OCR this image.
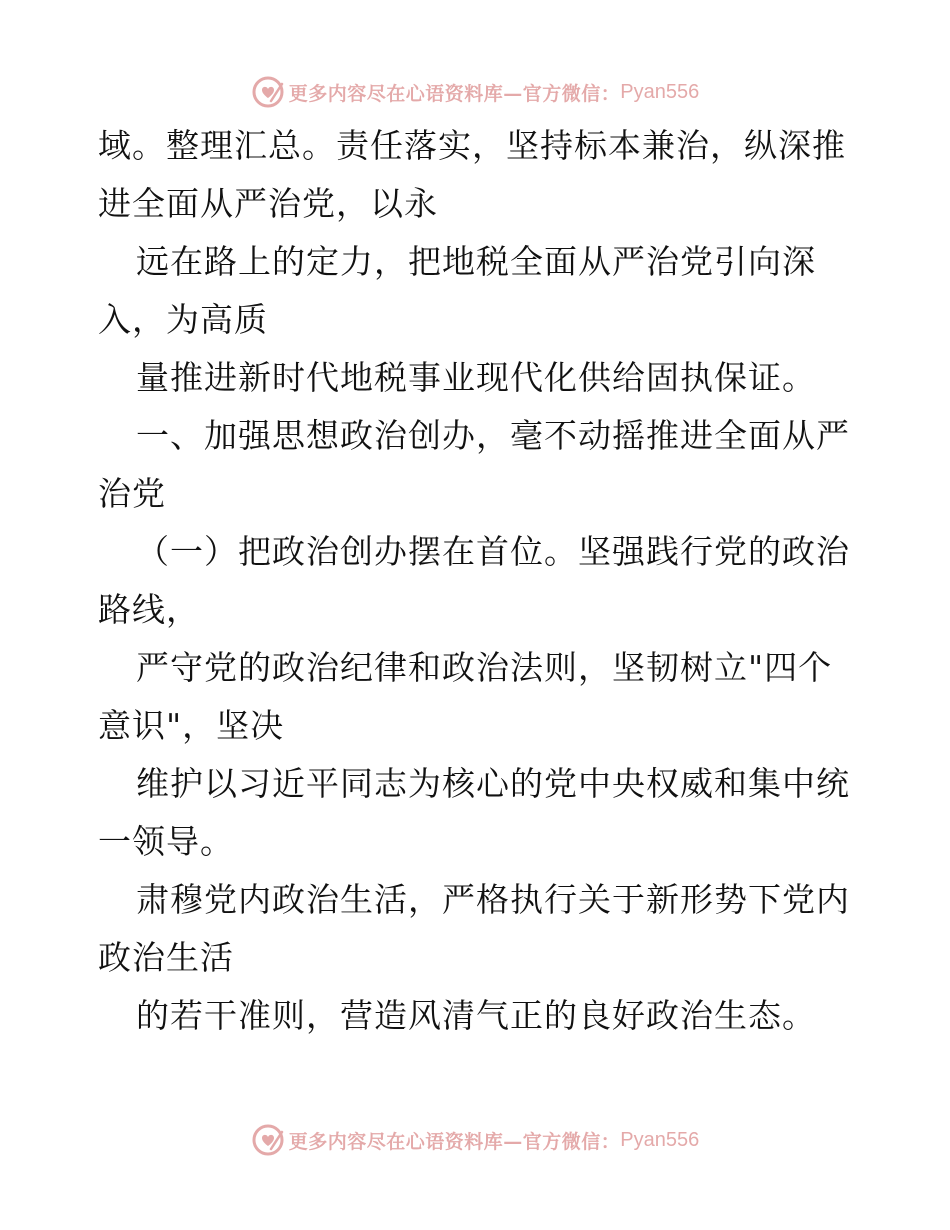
更多内容尽在心语资料库—官方微信： Pyan556
域。整理汇总。责任落实，坚持标本兼治，纵深推
进全面从严治党，以永
远在路上的定力，把地税全面从严治党引向深
入，为高质
量推进新时代地税事业现代化供给固执保证。
一、加强思想政治创办，毫不动摇推进全面从严
治党
（一）把政治创办摆在首位。坚强践行党的政治
路线，
严守党的政治纪律和政治法则，坚韧树立"四个
意识"，坚决
维护以习近平同志为核心的党中央权威和集中统
一领导。
肃穆党内政治生活，严格执行关于新形势下党内
政治生活
的若干准则，营造风清气正的良好政治生态。
更多内容尽在心语资料库—官方微信： Pyan556
